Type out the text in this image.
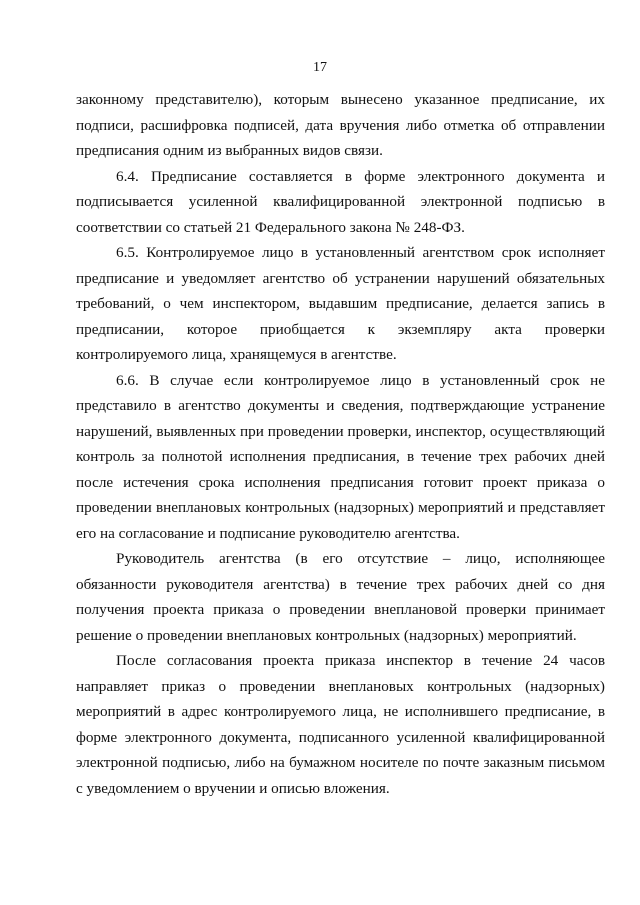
17

законному представителю), которым вынесено указанное предписание, их подписи, расшифровка подписей, дата вручения либо отметка об отправлении предписания одним из выбранных видов связи.

6.4. Предписание составляется в форме электронного документа и подписывается усиленной квалифицированной электронной подписью в соответствии со статьей 21 Федерального закона № 248-ФЗ.

6.5. Контролируемое лицо в установленный агентством срок исполняет предписание и уведомляет агентство об устранении нарушений обязательных требований, о чем инспектором, выдавшим предписание, делается запись в предписании, которое приобщается к экземпляру акта проверки контролируемого лица, хранящемуся в агентстве.

6.6. В случае если контролируемое лицо в установленный срок не представило в агентство документы и сведения, подтверждающие устранение нарушений, выявленных при проведении проверки, инспектор, осуществляющий контроль за полнотой исполнения предписания, в течение трех рабочих дней после истечения срока исполнения предписания готовит проект приказа о проведении внеплановых контрольных (надзорных) мероприятий и представляет его на согласование и подписание руководителю агентства.

Руководитель агентства (в его отсутствие – лицо, исполняющее обязанности руководителя агентства) в течение трех рабочих дней со дня получения проекта приказа о проведении внеплановой проверки принимает решение о проведении внеплановых контрольных (надзорных) мероприятий.

После согласования проекта приказа инспектор в течение 24 часов направляет приказ о проведении внеплановых контрольных (надзорных) мероприятий в адрес контролируемого лица, не исполнившего предписание, в форме электронного документа, подписанного усиленной квалифицированной электронной подписью, либо на бумажном носителе по почте заказным письмом с уведомлением о вручении и описью вложения.
